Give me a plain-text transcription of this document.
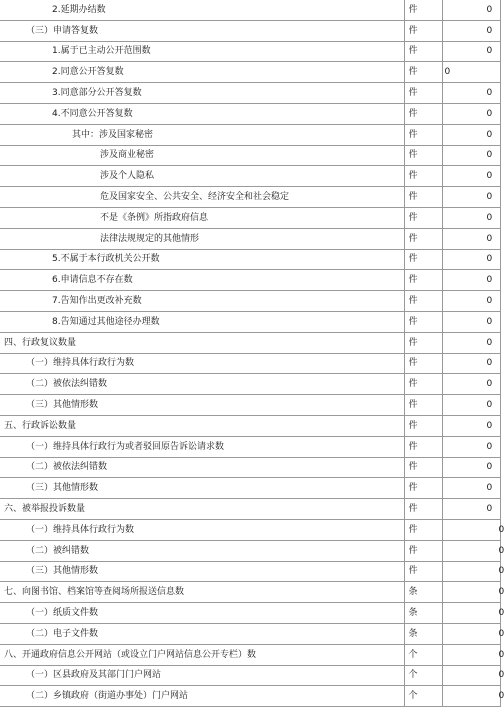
2.延期办结数	件	0
（三）申请答复数	件	0
1.属于已主动公开范围数	件	0
2.同意公开答复数	件	0
3.同意部分公开答复数	件	0
4.不同意公开答复数	件	0
其中：涉及国家秘密	件	0
涉及商业秘密	件	0
涉及个人隐私	件	0
危及国家安全、公共安全、经济安全和社会稳定	件	0
不是《条例》所指政府信息	件	0
法律法规规定的其他情形	件	0
5.不属于本行政机关公开数	件	0
6.申请信息不存在数	件	0
7.告知作出更改补充数	件	0
8.告知通过其他途径办理数	件	0
四、行政复议数量	件	0
（一）维持具体行政行为数	件	0
（二）被依法纠错数	件	0
（三）其他情形数	件	0
五、行政诉讼数量	件	0
（一）维持具体行政行为或者驳回原告诉讼请求数	件	0
（二）被依法纠错数	件	0
（三）其他情形数	件	0
六、被举报投诉数量	件	0
（一）维持具体行政行为数	件	0
（二）被纠错数	件	0
（三）其他情形数	件	0
七、向图书馆、档案馆等查阅场所报送信息数	条	0
（一）纸质文件数	条	0
（二）电子文件数	条	0
八、开通政府信息公开网站（或设立门户网站信息公开专栏）数	个	0
（一）区县政府及其部门门户网站	个	0
（二）乡镇政府（街道办事处）门户网站	个	0
